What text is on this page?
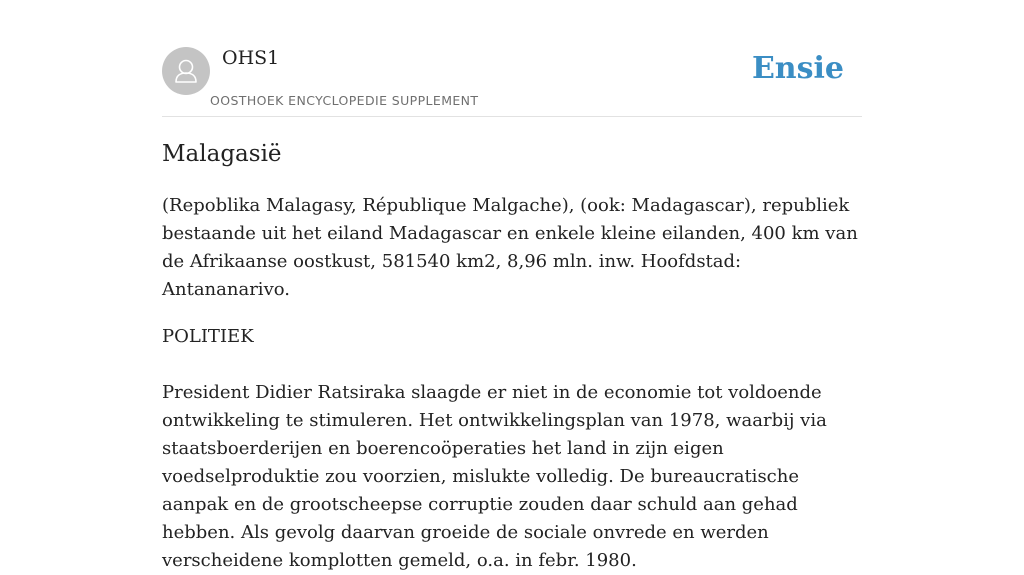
OHS1
OOSTHOEK ENCYCLOPEDIE SUPPLEMENT
Ensie
Malagasië

(Repoblika Malagasy, République Malgache), (ook: Madagascar), republiek bestaande uit het eiland Madagascar en enkele kleine eilanden, 400 km van de Afrikaanse oostkust, 581540 km2, 8,96 mln. inw. Hoofdstad: Antananarivo.

POLITIEK

President Didier Ratsiraka slaagde er niet in de economie tot voldoende ontwikkeling te stimuleren. Het ontwikkelingsplan van 1978, waarbij via staatsboerderijen en boerencoöperaties het land in zijn eigen voedselproduktie zou voorzien, mislukte volledig. De bureaucratische aanpak en de grootscheepse corruptie zouden daar schuld aan gehad hebben. Als gevolg daarvan groeide de sociale onvrede en werden verscheidene komplotten gemeld, o.a. in febr. 1980.
